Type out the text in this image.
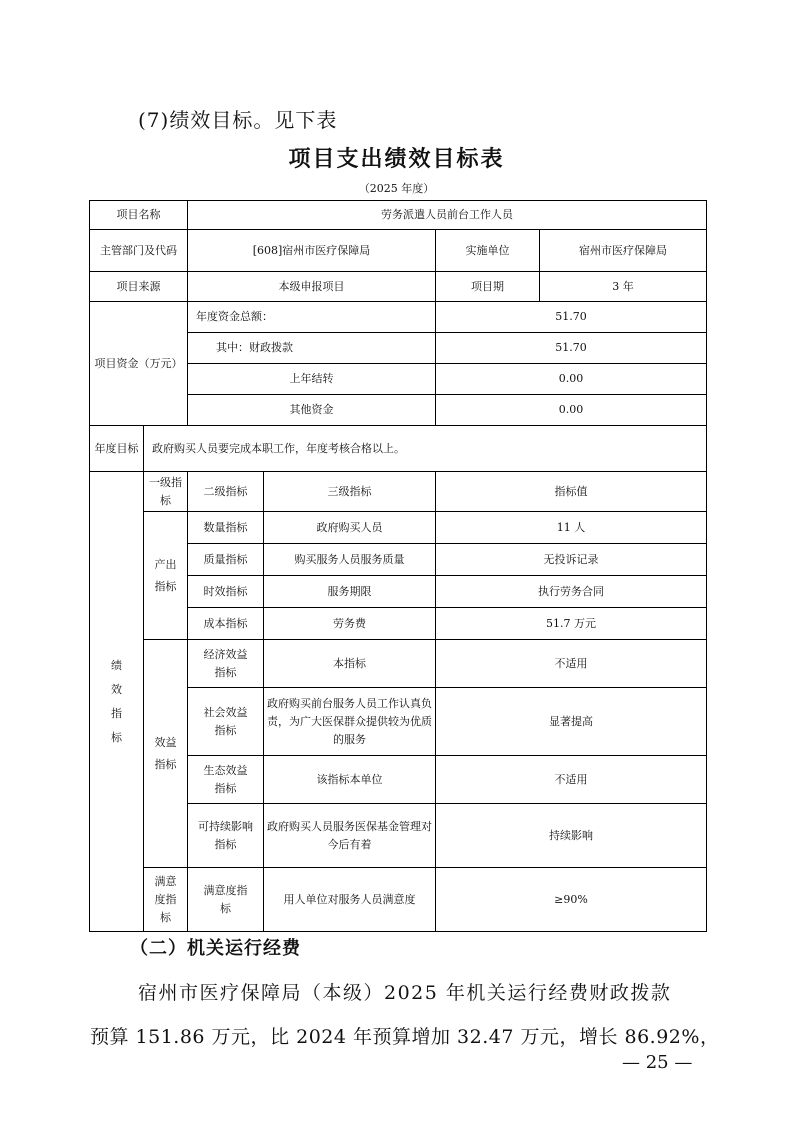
(7)绩效目标。见下表
项目支出绩效目标表
（2025 年度）
项目名称		劳务派遣人员前台工作人员			
主管部门及代码		[608]宿州市医疗保障局		实施单位	宿州市医疗保障局
项目来源		本级申报项目		项目期	3 年
项目资金（万元）		年度资金总额：		51.70	
		其中：财政拨款		51.70	
		上年结转		0.00	
		其他资金		0.00	
年度目标	政府购买人员要完成本职工作，年度考核合格以上。				
绩效指标	一级指标	二级指标	三级指标	指标值	
	产出指标	数量指标	政府购买人员	11 人	
		质量指标	购买服务人员服务质量	无投诉记录	
		时效指标	服务期限	执行劳务合同	
		成本指标	劳务费	51.7 万元	
	效益指标	经济效益指标	本指标	不适用	
		社会效益指标	政府购买前台服务人员工作认真负责，为广大医保群众提供较为优质的服务	显著提高	
		生态效益指标	该指标本单位	不适用	
		可持续影响指标	政府购买人员服务医保基金管理对今后有着	持续影响	
	满意度指标	满意度指标	用人单位对服务人员满意度	≥90%	
（二）机关运行经费
宿州市医疗保障局（本级）2025 年机关运行经费财政拨款
预算 151.86 万元，比 2024 年预算增加 32.47 万元，增长 86.92%，
— 25 —
